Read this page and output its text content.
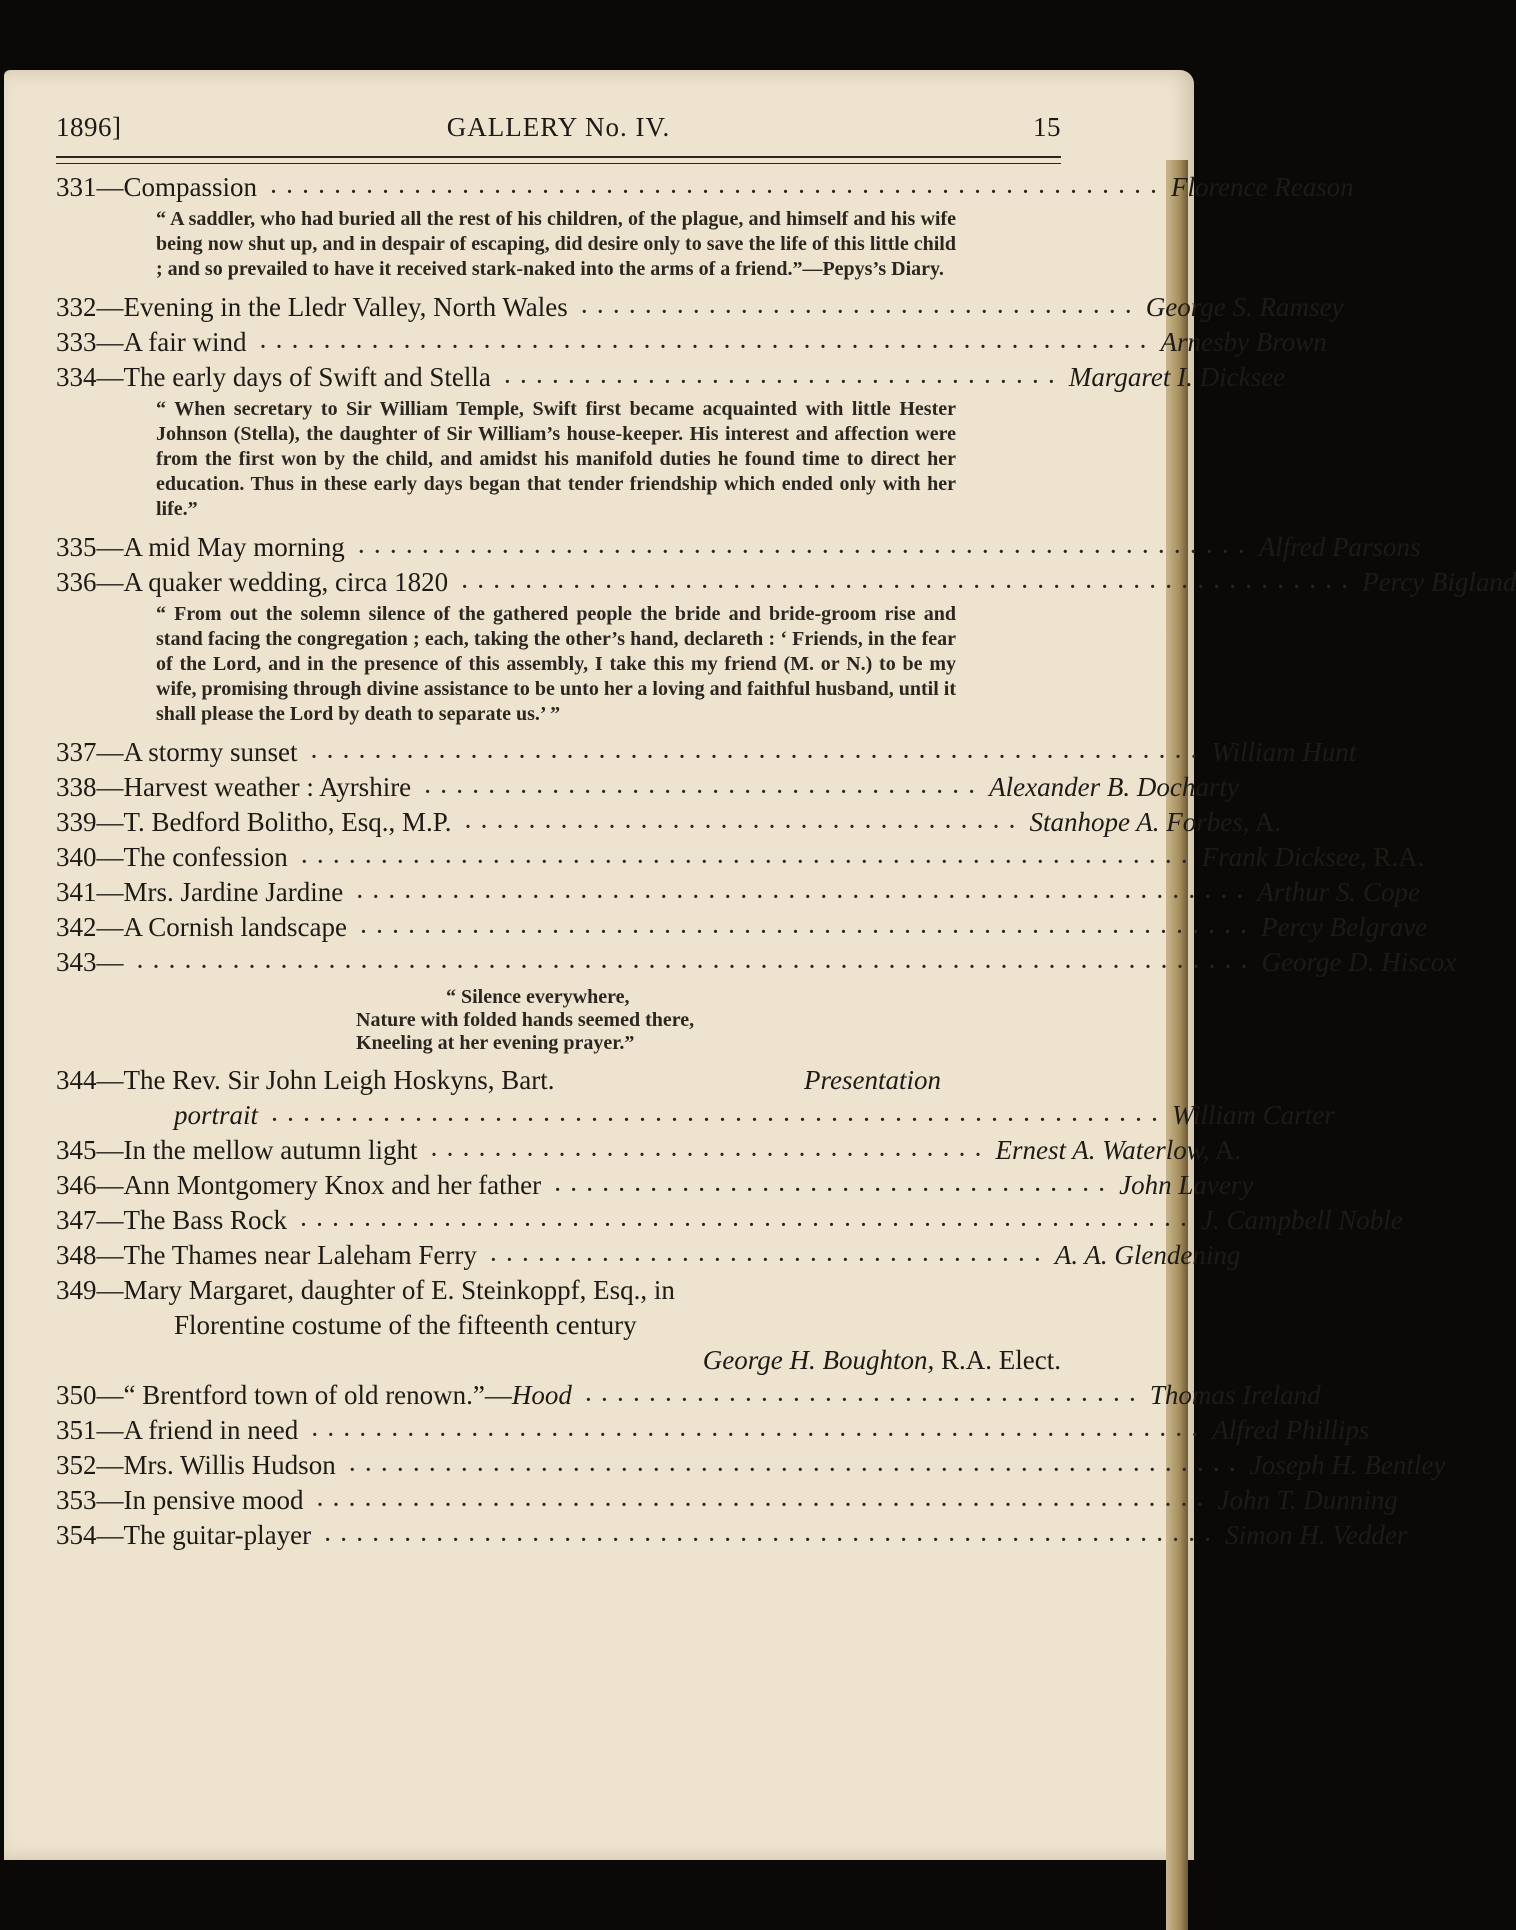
1896]	GALLERY No. IV.	15
331—Compassion . . . . . . . . . . . . . . . . . . . . . . . . . . . . . . . . . . . . . . . . . . . . . . . . . . . . . . . . Florence Reason
“ A saddler, who had buried all the rest of his children, of the plague, and himself and his wife being now shut up, and in despair of escaping, did desire only to save the life of this little child ; and so prevailed to have it received stark-naked into the arms of a friend.”—Pepys’s Diary.
332—Evening in the Lledr Valley, North Wales . . . . . . . . . . . . . . . . . . . . . . . . . . . . . . . . . . . George S. Ramsey
333—A fair wind . . . . . . . . . . . . . . . . . . . . . . . . . . . . . . . . . . . . . . . . . . . . . . . . . . . . . . . . Arnesby Brown
334—The early days of Swift and Stella . . . . . . . . . . . . . . . . . . . . . . . . . . . . . . . . . . . Margaret I. Dicksee
“ When secretary to Sir William Temple, Swift first became acquainted with little Hester Johnson (Stella), the daughter of Sir William’s house-keeper. His interest and affection were from the first won by the child, and amidst his manifold duties he found time to direct her education. Thus in these early days began that tender friendship which ended only with her life.”
335—A mid May morning . . . . . . . . . . . . . . . . . . . . . . . . . . . . . . . . . . . . . . . . . . . . . . . . . . . . . . . . Alfred Parsons
336—A quaker wedding, circa 1820 . . . . . . . . . . . . . . . . . . . . . . . . . . . . . . . . . . . . . . . . . . . . . . . . . . . . . . . . Percy Bigland
“ From out the solemn silence of the gathered people the bride and bride-groom rise and stand facing the congregation ; each, taking the other’s hand, declareth : ‘ Friends, in the fear of the Lord, and in the presence of this assembly, I take this my friend (M. or N.) to be my wife, promising through divine assistance to be unto her a loving and faithful husband, until it shall please the Lord by death to separate us.’ ”
337—A stormy sunset . . . . . . . . . . . . . . . . . . . . . . . . . . . . . . . . . . . . . . . . . . . . . . . . . . . . . . . . William Hunt
338—Harvest weather : Ayrshire . . . . . . . . . . . . . . . . . . . . . . . . . . . . . . . . . . . Alexander B. Docharty
339—T. Bedford Bolitho, Esq., M.P. . . . . . . . . . . . . . . . . . . . . . . . . . . . . . . . . . . . Stanhope A. Forbes, A.
340—The confession . . . . . . . . . . . . . . . . . . . . . . . . . . . . . . . . . . . . . . . . . . . . . . . . . . . . . . . . Frank Dicksee, R.A.
341—Mrs. Jardine Jardine . . . . . . . . . . . . . . . . . . . . . . . . . . . . . . . . . . . . . . . . . . . . . . . . . . . . . . . . Arthur S. Cope
342—A Cornish landscape . . . . . . . . . . . . . . . . . . . . . . . . . . . . . . . . . . . . . . . . . . . . . . . . . . . . . . . . Percy Belgrave
343— . . . . . . . . . . . . . . . . . . . . . . . . . . . . . . . . . . . . . . . . . . . . . . . . . . . . . . . . . . . . . . . . . . . . . . George D. Hiscox
“ Silence everywhere,
Nature with folded hands seemed there,
Kneeling at her evening prayer.”
344—The Rev. Sir John Leigh Hoskyns, Bart.	Presentation
portrait . . . . . . . . . . . . . . . . . . . . . . . . . . . . . . . . . . . . . . . . . . . . . . . . . . . . . . . . William Carter
345—In the mellow autumn light . . . . . . . . . . . . . . . . . . . . . . . . . . . . . . . . . . . Ernest A. Waterlow, A.
346—Ann Montgomery Knox and her father . . . . . . . . . . . . . . . . . . . . . . . . . . . . . . . . . . . John Lavery
347—The Bass Rock . . . . . . . . . . . . . . . . . . . . . . . . . . . . . . . . . . . . . . . . . . . . . . . . . . . . . . . . J. Campbell Noble
348—The Thames near Laleham Ferry . . . . . . . . . . . . . . . . . . . . . . . . . . . . . . . . . . . A. A. Glendening
349—Mary Margaret, daughter of E. Steinkoppf, Esq., in
Florentine costume of the fifteenth century
George H. Boughton, R.A. Elect.
350—“ Brentford town of old renown.”—Hood . . . . . . . . . . . . . . . . . . . . . . . . . . . . . . . . . . . Thomas Ireland
351—A friend in need . . . . . . . . . . . . . . . . . . . . . . . . . . . . . . . . . . . . . . . . . . . . . . . . . . . . . . . . Alfred Phillips
352—Mrs. Willis Hudson . . . . . . . . . . . . . . . . . . . . . . . . . . . . . . . . . . . . . . . . . . . . . . . . . . . . . . . . Joseph H. Bentley
353—In pensive mood . . . . . . . . . . . . . . . . . . . . . . . . . . . . . . . . . . . . . . . . . . . . . . . . . . . . . . . . John T. Dunning
354—The guitar-player . . . . . . . . . . . . . . . . . . . . . . . . . . . . . . . . . . . . . . . . . . . . . . . . . . . . . . . . Simon H. Vedder
